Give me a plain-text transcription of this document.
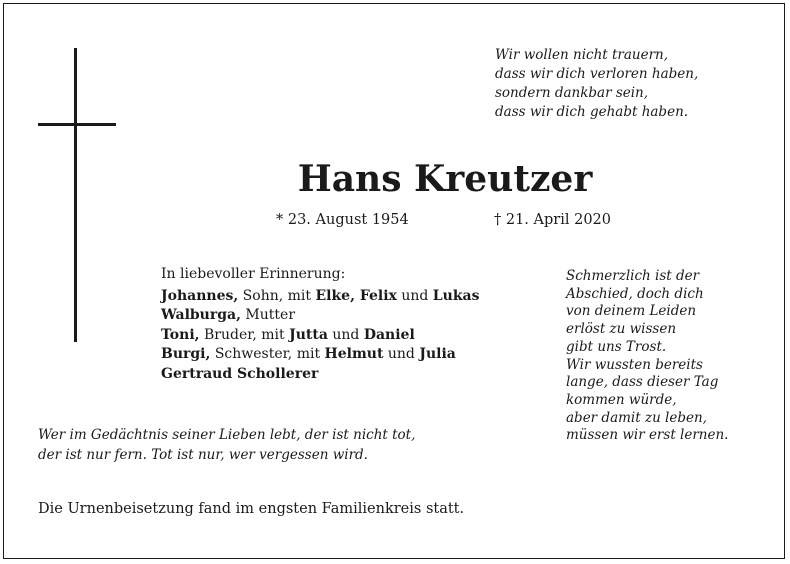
Wir wollen nicht trauern,
dass wir dich verloren haben,
sondern dankbar sein,
dass wir dich gehabt haben.
Hans Kreutzer
* 23. August 1954	† 21. April 2020
In liebevoller Erinnerung:
Johannes, Sohn, mit Elke, Felix und Lukas
Walburga, Mutter
Toni, Bruder, mit Jutta und Daniel
Burgi, Schwester, mit Helmut und Julia
Gertraud Schollerer
Schmerzlich ist der
Abschied, doch dich
von deinem Leiden
erlöst zu wissen
gibt uns Trost.
Wir wussten bereits
lange, dass dieser Tag
kommen würde,
aber damit zu leben,
müssen wir erst lernen.
Wer im Gedächtnis seiner Lieben lebt, der ist nicht tot,
der ist nur fern. Tot ist nur, wer vergessen wird.
Die Urnenbeisetzung fand im engsten Familienkreis statt.
